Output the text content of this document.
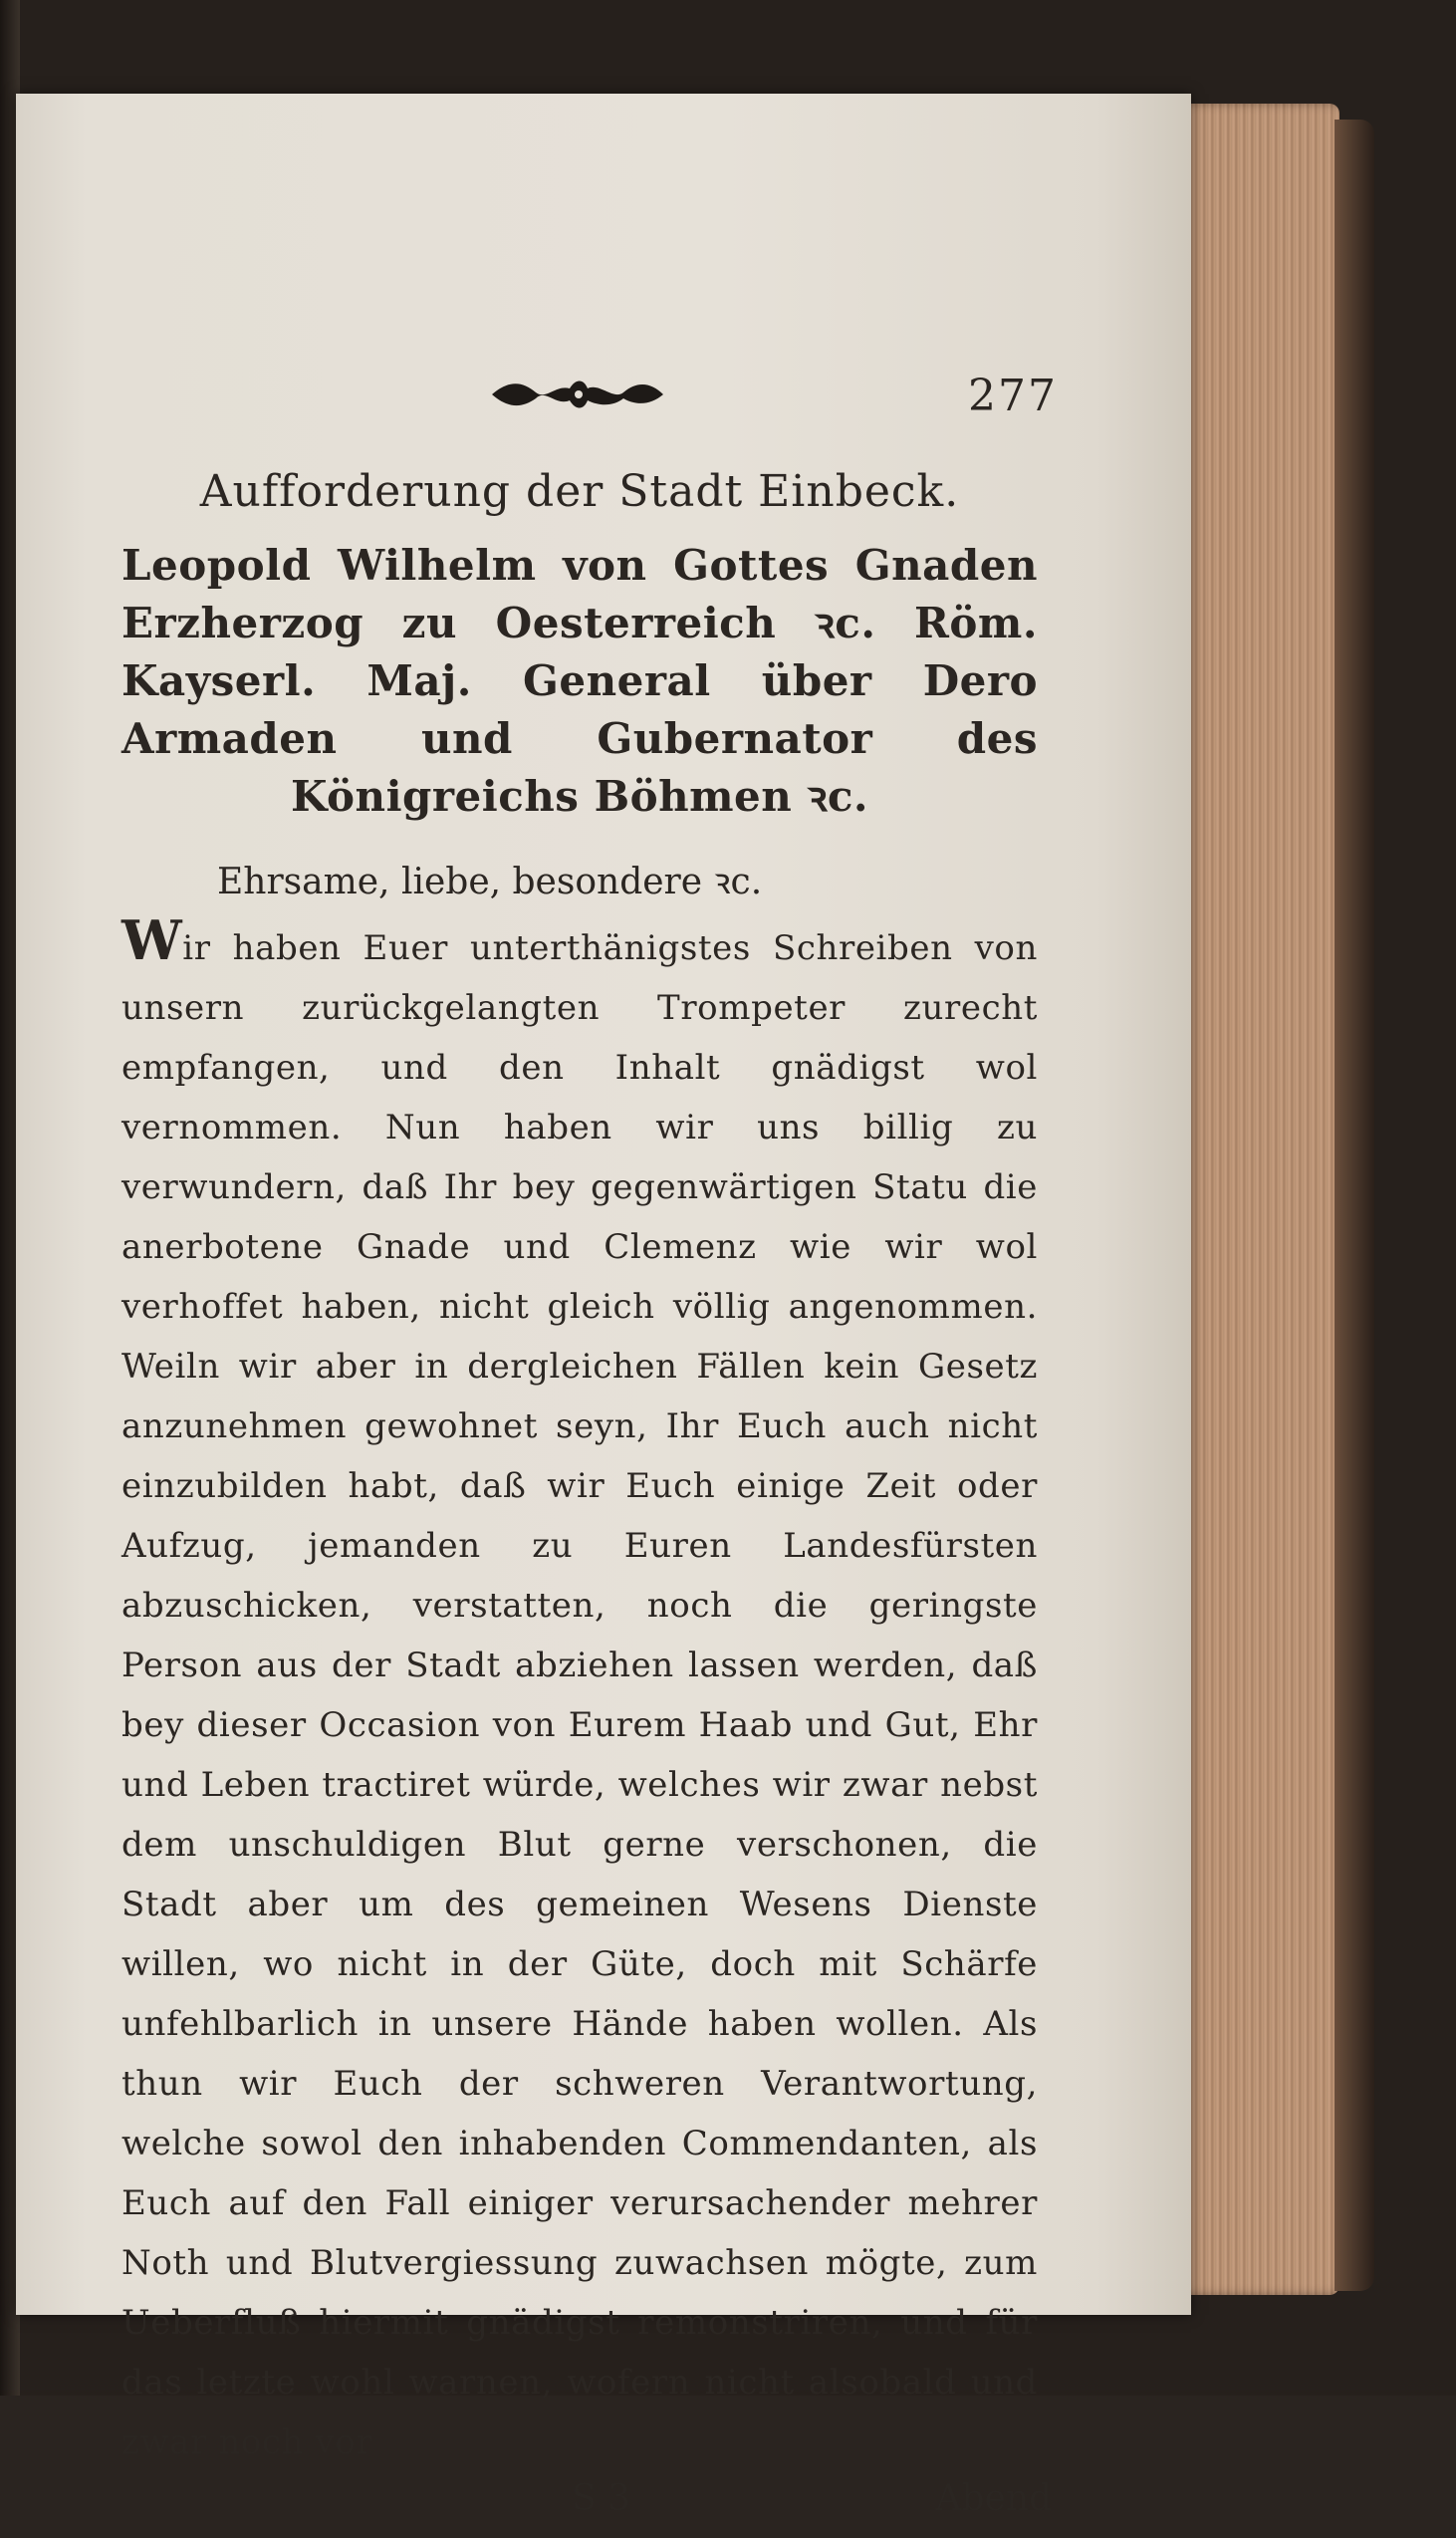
277
Aufforderung der Stadt Einbeck.
Leopold Wilhelm von Gottes Gnaden Erzherzog zu Oesterreich ꝛc. Röm. Kayserl. Maj. General über Dero Armaden und Gubernator des Königreichs Böhmen ꝛc.
Ehrsame, liebe, besondere ꝛc.

Wir haben Euer unterthänigstes Schreiben von unsern zurückgelangten Trompeter zurecht empfangen, und den Inhalt gnädigst wol vernommen. Nun haben wir uns billig zu verwundern, daß Ihr bey gegenwärtigen Statu die anerbotene Gnade und Clemenz wie wir wol verhoffet haben, nicht gleich völlig angenommen. Weiln wir aber in dergleichen Fällen kein Gesetz anzunehmen gewohnet seyn, Ihr Euch auch nicht einzubilden habt, daß wir Euch einige Zeit oder Aufzug, jemanden zu Euren Landesfürsten abzuschicken, verstatten, noch die geringste Person aus der Stadt abziehen lassen werden, daß bey dieser Occasion von Eurem Haab und Gut, Ehr und Leben tractiret würde, welches wir zwar nebst dem unschuldigen Blut gerne verschonen, die Stadt aber um des gemeinen Wesens Dienste willen, wo nicht in der Güte, doch mit Schärfe unfehlbarlich in unsere Hände haben wollen. Als thun wir Euch der schweren Verantwortung, welche sowol den inhabenden Commendanten, als Euch auf den Fall einiger verursachender mehrer Noth und Blutvergiessung zuwachsen mögte, zum Ueberfluß hiermit gnädigst remonstriren, und für das letzte wohl warnen, wofern nicht alsobald und zwar noch vor

S 3	Abend
